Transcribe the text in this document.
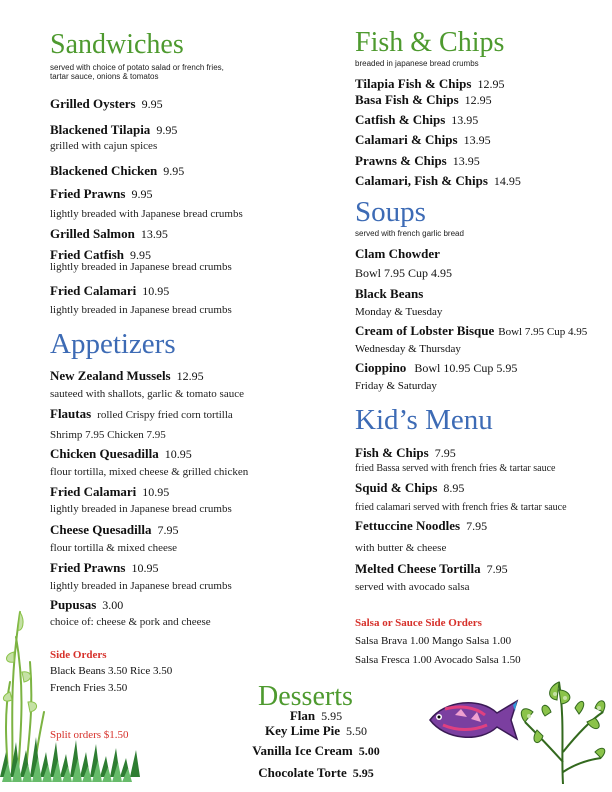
Sandwiches
served with choice of potato salad or french fries,
tartar sauce, onions & tomatos
Grilled Oysters 9.95
Blackened Tilapia 9.95
grilled with cajun spices
Blackened Chicken 9.95
Fried Prawns 9.95
lightly breaded with Japanese bread crumbs
Grilled Salmon 13.95
Fried Catfish 9.95
lightly breaded in Japanese bread crumbs
Fried Calamari 10.95
lightly breaded in Japanese bread crumbs
Appetizers
New Zealand Mussels 12.95
sauteed with shallots, garlic & tomato sauce
Flautas rolled Crispy fried corn tortilla
Shrimp 7.95 Chicken 7.95
Chicken Quesadilla 10.95
flour tortilla, mixed cheese & grilled chicken
Fried Calamari 10.95
lightly breaded in Japanese bread crumbs
Cheese Quesadilla 7.95
flour tortilla & mixed cheese
Fried Prawns 10.95
lightly breaded in Japanese bread crumbs
Pupusas 3.00
choice of: cheese & pork and cheese
Side Orders
Black Beans 3.50 Rice 3.50
French Fries 3.50
Split orders $1.50
Fish & Chips
breaded in japanese bread crumbs
Tilapia Fish & Chips 12.95
Basa Fish & Chips 12.95
Catfish & Chips 13.95
Calamari & Chips 13.95
Prawns & Chips 13.95
Calamari, Fish & Chips 14.95
Soups
served with french garlic bread
Clam Chowder
Bowl 7.95 Cup 4.95
Black Beans
Monday & Tuesday
Cream of Lobster Bisque Bowl 7.95 Cup 4.95
Wednesday & Thursday
Cioppino Bowl 10.95 Cup 5.95
Friday & Saturday
Kid’s Menu
Fish & Chips 7.95
fried Bassa served with french fries & tartar sauce
Squid & Chips 8.95
fried calamari served with french fries & tartar sauce
Fettuccine Noodles 7.95
with butter & cheese
Melted Cheese Tortilla 7.95
served with avocado salsa
Salsa or Sauce Side Orders
Salsa Brava 1.00 Mango Salsa 1.00
Salsa Fresca 1.00 Avocado Salsa 1.50
Desserts
Flan 5.95
Key Lime Pie 5.50
Vanilla Ice Cream 5.00
Chocolate Torte 5.95
